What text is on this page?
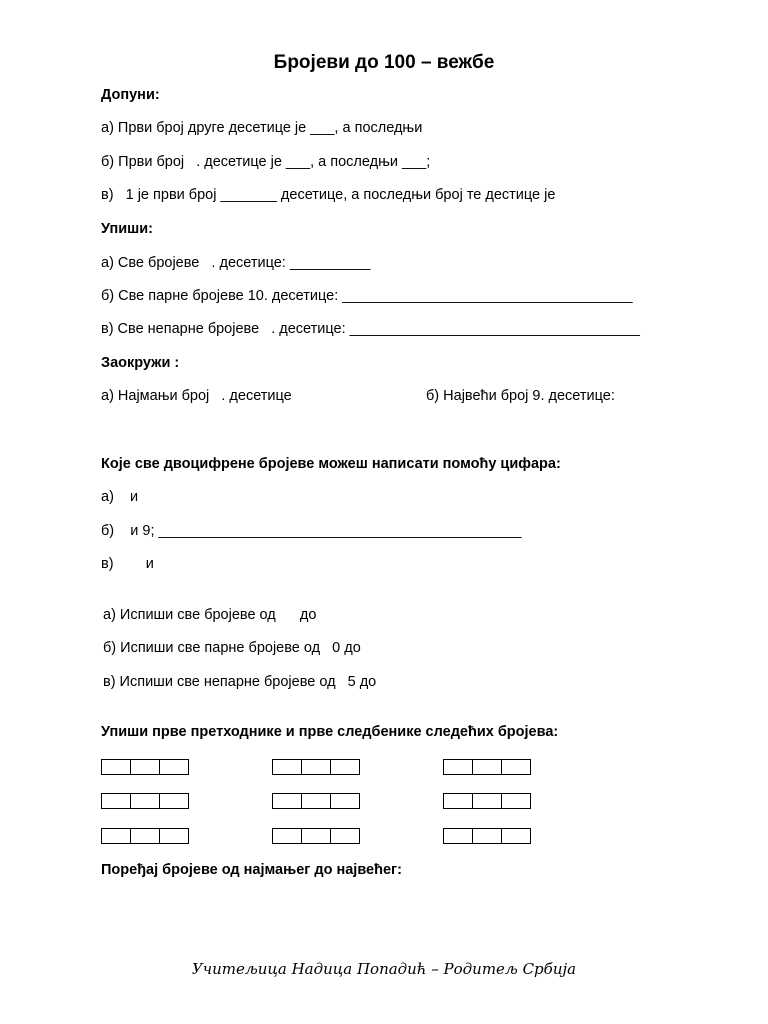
Бројеви до 100 – вежбе
Допуни:
а) Први број друге десетице је ___, а последњи
б) Први број   . десетице је ___, а последњи ___;
в)   1 је први број _______ десетице, а последњи број те дестице је
Упиши:
а) Све бројеве   . десетице: __________
б) Све парне бројеве 10. десетице: ____________________________________
в) Све непарне бројеве   . десетице: ____________________________________
Заокружи :
а) Најмањи број   . десетице	б) Највећи број 9. десетице:
Које све двоцифрене бројеве можеш написати помоћу цифара:
а)    и
б)    и 9; _____________________________________________
в)        и
а) Испиши све бројеве од      до
б) Испиши све парне бројеве од   0 до
в) Испиши све непарне бројеве од   5 до
Упиши прве претходнике и прве следбенике следећих бројева:
Поређај бројеве од најмањег до највећег:
Учитељица Надица Попадић – Родитељ Србија
